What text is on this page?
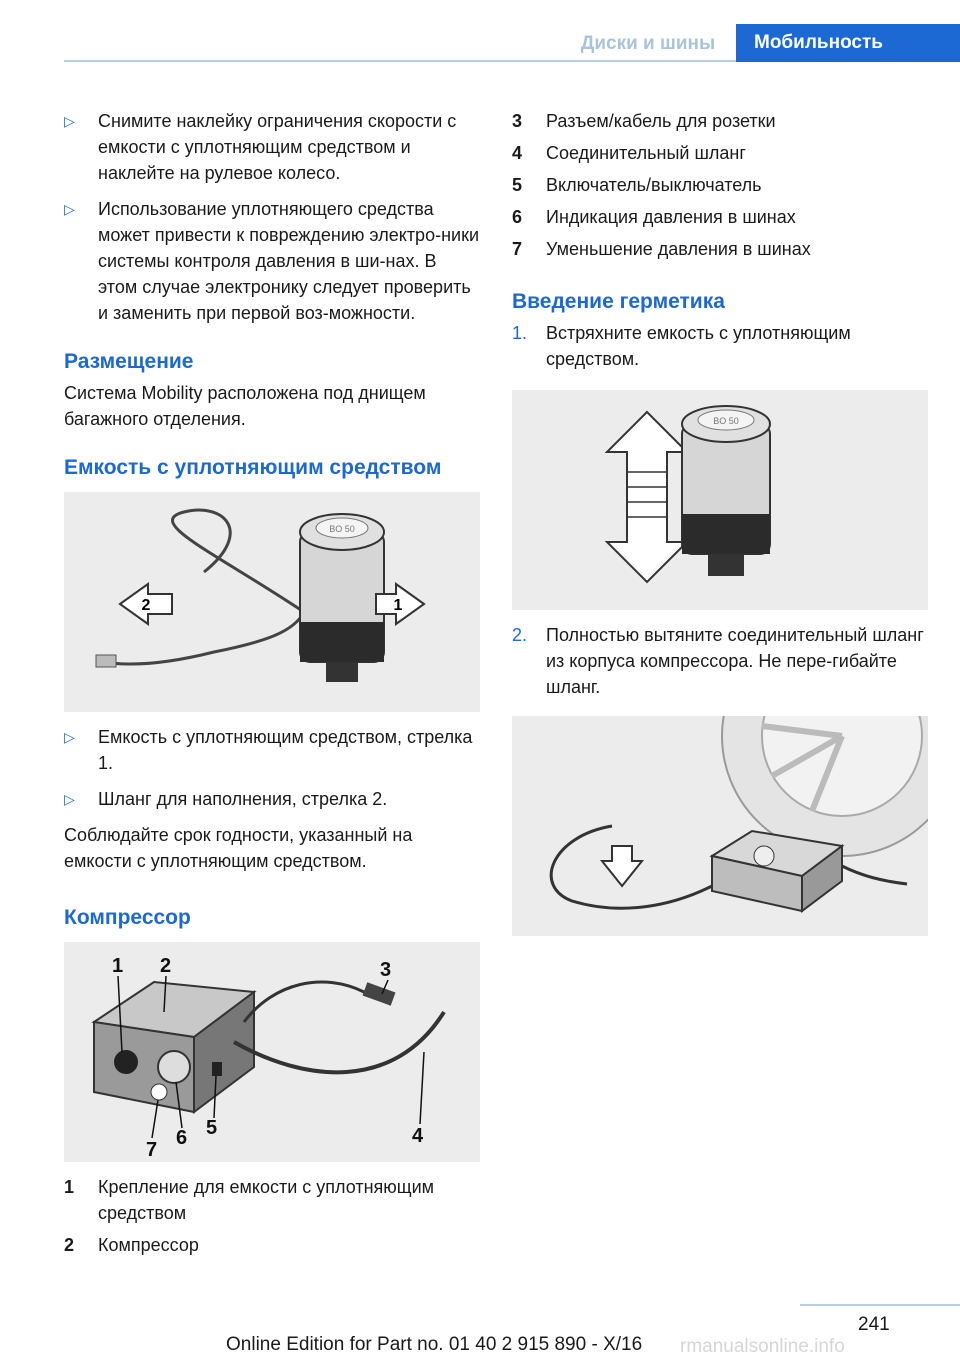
Диски и шины	Мобильность
▷	Снимите наклейку ограничения скорости с емкости с уплотняющим средством и наклейте на рулевое колесо.
▷	Использование уплотняющего средства может привести к повреждению электро-ники системы контроля давления в ши-нах. В этом случае электронику следует проверить и заменить при первой воз-можности.
Размещение
Система Mobility расположена под днищем багажного отделения.
Емкость с уплотняющим средством
BO 50
2	1
▷	Емкость с уплотняющим средством, стрелка 1.
▷	Шланг для наполнения, стрелка 2.
Соблюдайте срок годности, указанный на емкости с уплотняющим средством.
Компрессор
1 2	3
4
5
6
7
1	Крепление для емкости с уплотняющим средством
2	Компрессор
3	Разъем/кабель для розетки
4	Соединительный шланг
5	Включатель/выключатель
6	Индикация давления в шинах
7	Уменьшение давления в шинах
Введение герметика
1.	Встряхните емкость с уплотняющим средством.
BO 50
2.	Полностью вытяните соединительный шланг из корпуса компрессора. Не пере-гибайте шланг.
241
Online Edition for Part no. 01 40 2 915 890 - X/16 rmanualsonline.info
